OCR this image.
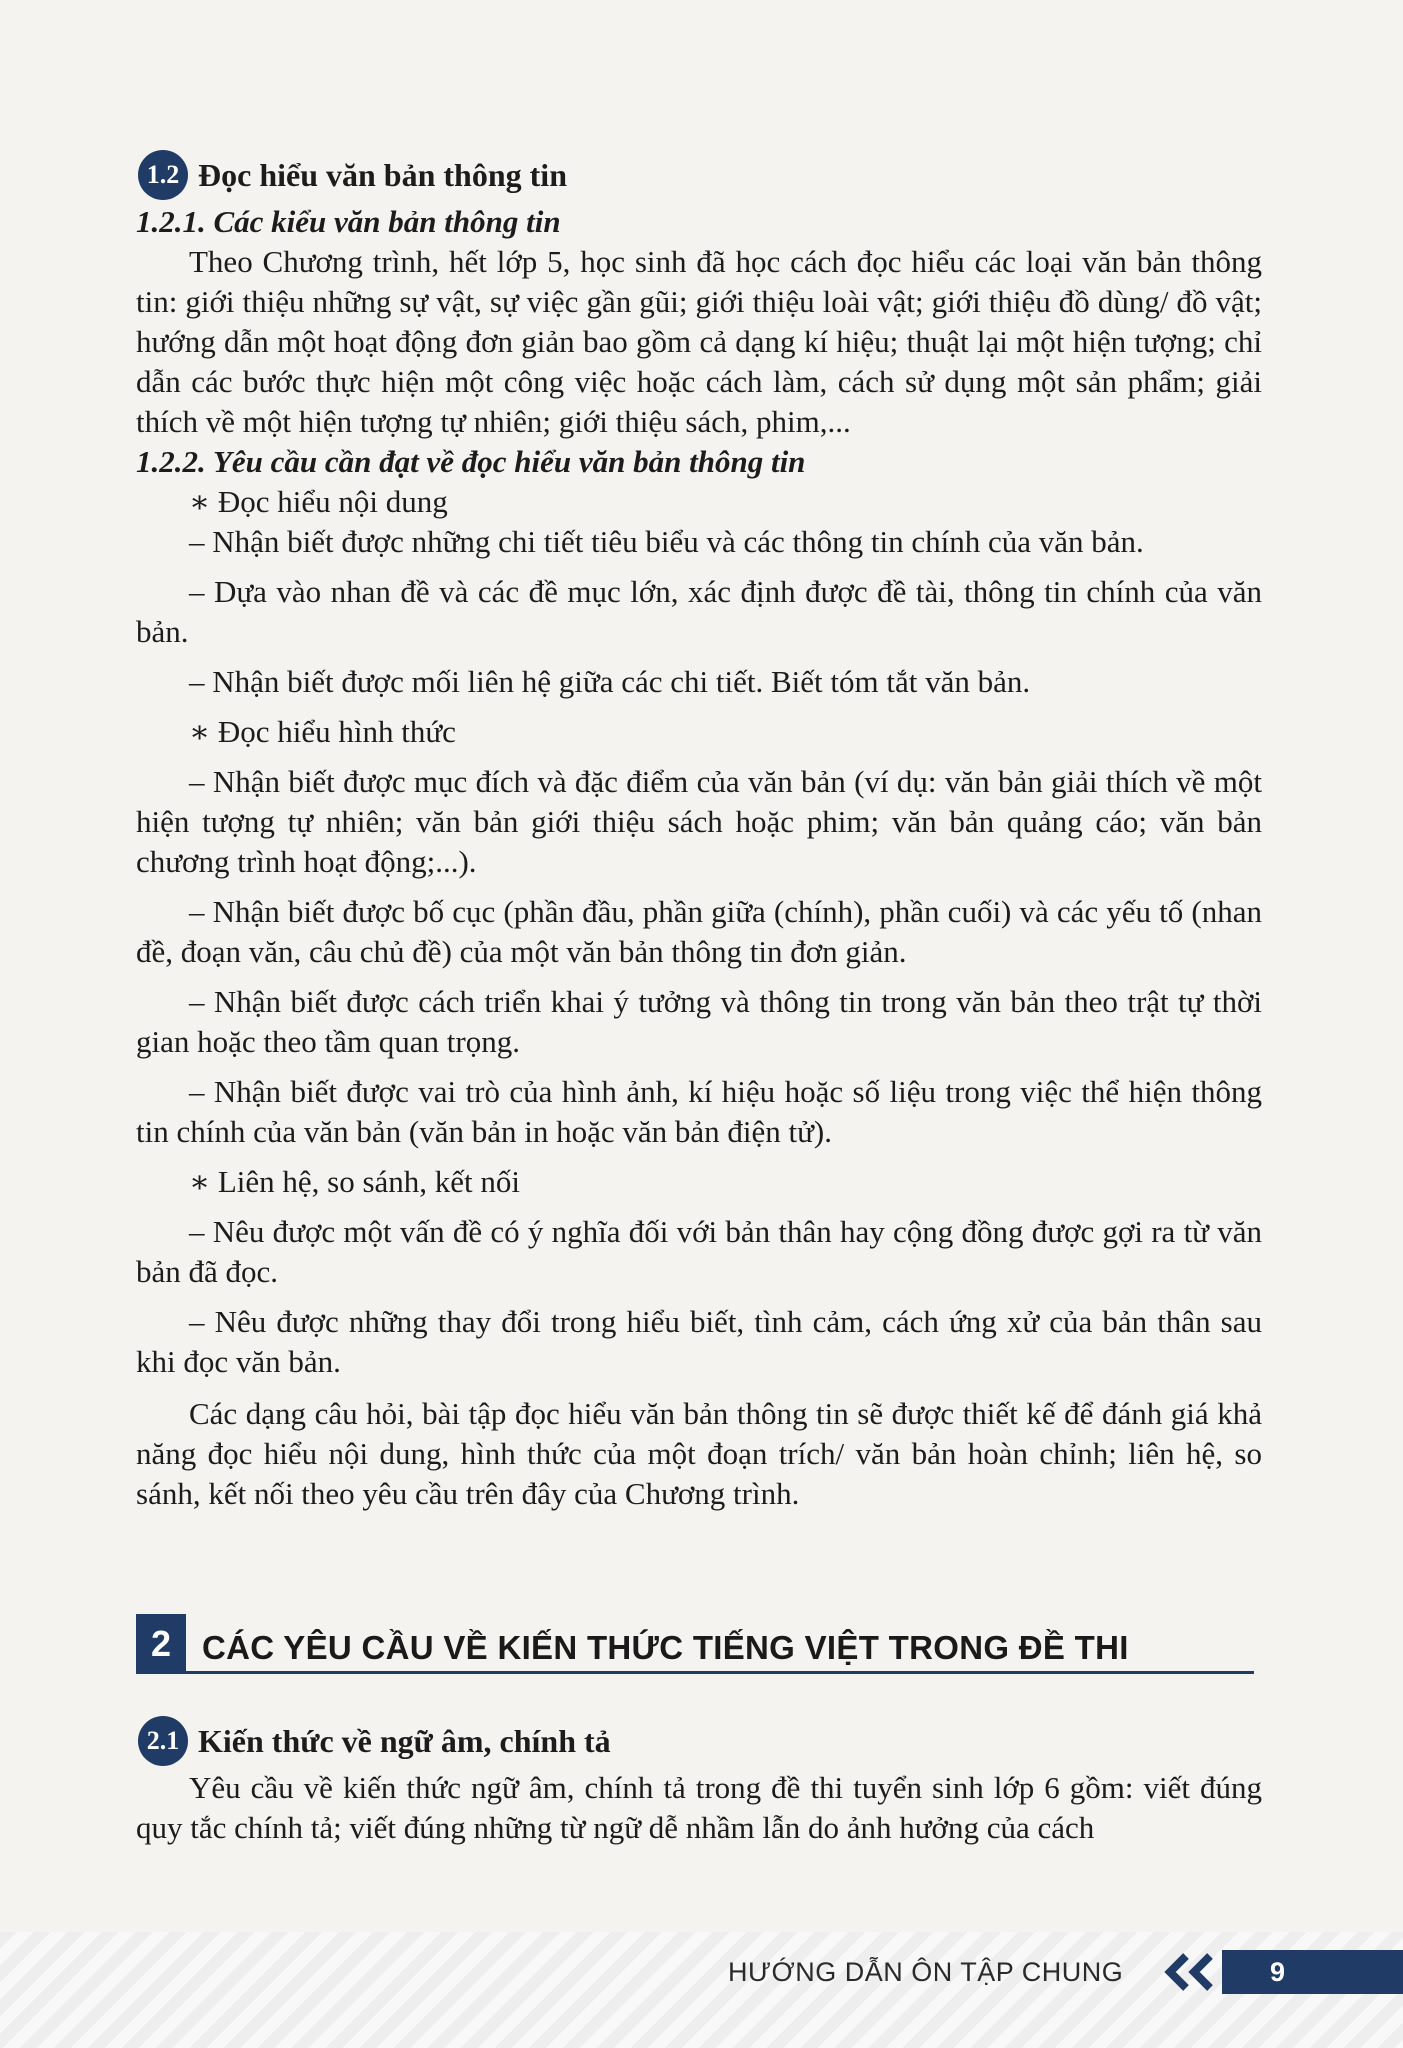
1.2 Đọc hiểu văn bản thông tin

1.2.1. Các kiểu văn bản thông tin

Theo Chương trình, hết lớp 5, học sinh đã học cách đọc hiểu các loại văn bản thông tin: giới thiệu những sự vật, sự việc gần gũi; giới thiệu loài vật; giới thiệu đồ dùng/ đồ vật; hướng dẫn một hoạt động đơn giản bao gồm cả dạng kí hiệu; thuật lại một hiện tượng; chỉ dẫn các bước thực hiện một công việc hoặc cách làm, cách sử dụng một sản phẩm; giải thích về một hiện tượng tự nhiên; giới thiệu sách, phim,...

1.2.2. Yêu cầu cần đạt về đọc hiểu văn bản thông tin

∗ Đọc hiểu nội dung

– Nhận biết được những chi tiết tiêu biểu và các thông tin chính của văn bản.

– Dựa vào nhan đề và các đề mục lớn, xác định được đề tài, thông tin chính của văn bản.

– Nhận biết được mối liên hệ giữa các chi tiết. Biết tóm tắt văn bản.

∗ Đọc hiểu hình thức

– Nhận biết được mục đích và đặc điểm của văn bản (ví dụ: văn bản giải thích về một hiện tượng tự nhiên; văn bản giới thiệu sách hoặc phim; văn bản quảng cáo; văn bản chương trình hoạt động;...).

– Nhận biết được bố cục (phần đầu, phần giữa (chính), phần cuối) và các yếu tố (nhan đề, đoạn văn, câu chủ đề) của một văn bản thông tin đơn giản.

– Nhận biết được cách triển khai ý tưởng và thông tin trong văn bản theo trật tự thời gian hoặc theo tầm quan trọng.

– Nhận biết được vai trò của hình ảnh, kí hiệu hoặc số liệu trong việc thể hiện thông tin chính của văn bản (văn bản in hoặc văn bản điện tử).

∗ Liên hệ, so sánh, kết nối

– Nêu được một vấn đề có ý nghĩa đối với bản thân hay cộng đồng được gợi ra từ văn bản đã đọc.

– Nêu được những thay đổi trong hiểu biết, tình cảm, cách ứng xử của bản thân sau khi đọc văn bản.

Các dạng câu hỏi, bài tập đọc hiểu văn bản thông tin sẽ được thiết kế để đánh giá khả năng đọc hiểu nội dung, hình thức của một đoạn trích/ văn bản hoàn chỉnh; liên hệ, so sánh, kết nối theo yêu cầu trên đây của Chương trình.

2 CÁC YÊU CẦU VỀ KIẾN THỨC TIẾNG VIỆT TRONG ĐỀ THI
2.1 Kiến thức về ngữ âm, chính tả

Yêu cầu về kiến thức ngữ âm, chính tả trong đề thi tuyển sinh lớp 6 gồm: viết đúng quy tắc chính tả; viết đúng những từ ngữ dễ nhầm lẫn do ảnh hưởng của cách

HƯỚNG DẪN ÔN TẬP CHUNG	9
